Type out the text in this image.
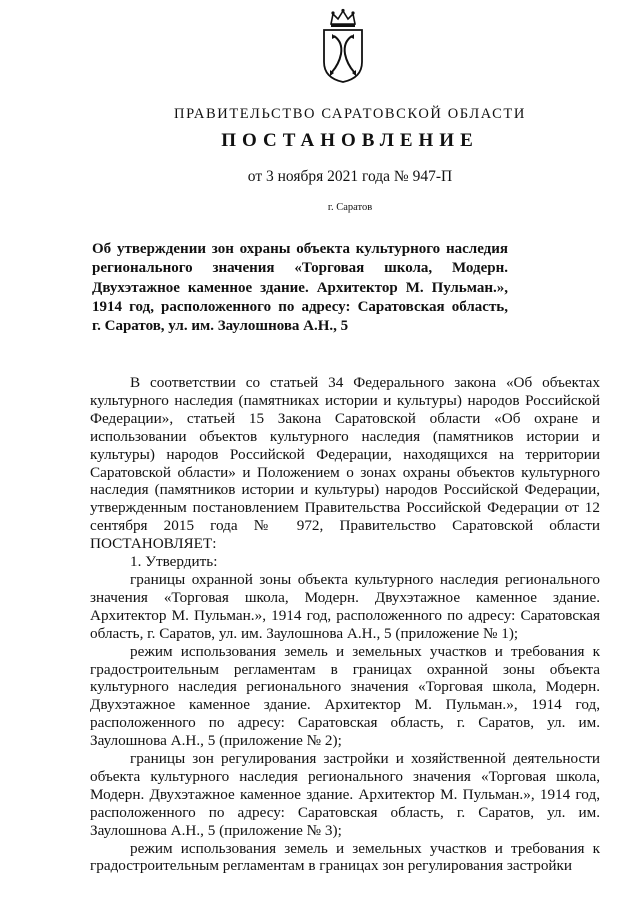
ПРАВИТЕЛЬСТВО САРАТОВСКОЙ ОБЛАСТИ
ПОСТАНОВЛЕНИЕ
от 3 ноября 2021 года № 947-П
г. Саратов
Об утверждении зон охраны объекта культурного наследия
регионального значения «Торговая школа, Модерн.
Двухэтажное каменное здание. Архитектор М. Пульман.»,
1914 год, расположенного по адресу: Саратовская область,
г. Саратов, ул. им. Заулошнова А.Н., 5

В соответствии со статьей 34 Федерального закона «Об объектах культурного наследия (памятниках истории и культуры) народов Российской Федерации», статьей 15 Закона Саратовской области «Об охране и использовании объектов культурного наследия (памятников истории и культуры) народов Российской Федерации, находящихся на территории Саратовской области» и Положением о зонах охраны объектов культурного наследия (памятников истории и культуры) народов Российской Федерации, утвержденным постановлением Правительства Российской Федерации от 12 сентября 2015 года № 972, Правительство Саратовской области ПОСТАНОВЛЯЕТ:

1. Утвердить:

границы охранной зоны объекта культурного наследия регионального значения «Торговая школа, Модерн. Двухэтажное каменное здание. Архитектор М. Пульман.», 1914 год, расположенного по адресу: Саратовская область, г. Саратов, ул. им. Заулошнова А.Н., 5 (приложение № 1);

режим использования земель и земельных участков и требования к градостроительным регламентам в границах охранной зоны объекта культурного наследия регионального значения «Торговая школа, Модерн. Двухэтажное каменное здание. Архитектор М. Пульман.», 1914 год, расположенного по адресу: Саратовская область, г. Саратов, ул. им. Заулошнова А.Н., 5 (приложение № 2);

границы зон регулирования застройки и хозяйственной деятельности объекта культурного наследия регионального значения «Торговая школа, Модерн. Двухэтажное каменное здание. Архитектор М. Пульман.», 1914 год, расположенного по адресу: Саратовская область, г. Саратов, ул. им. Заулошнова А.Н., 5 (приложение № 3);

режим использования земель и земельных участков и требования к градостроительным регламентам в границах зон регулирования застройки
